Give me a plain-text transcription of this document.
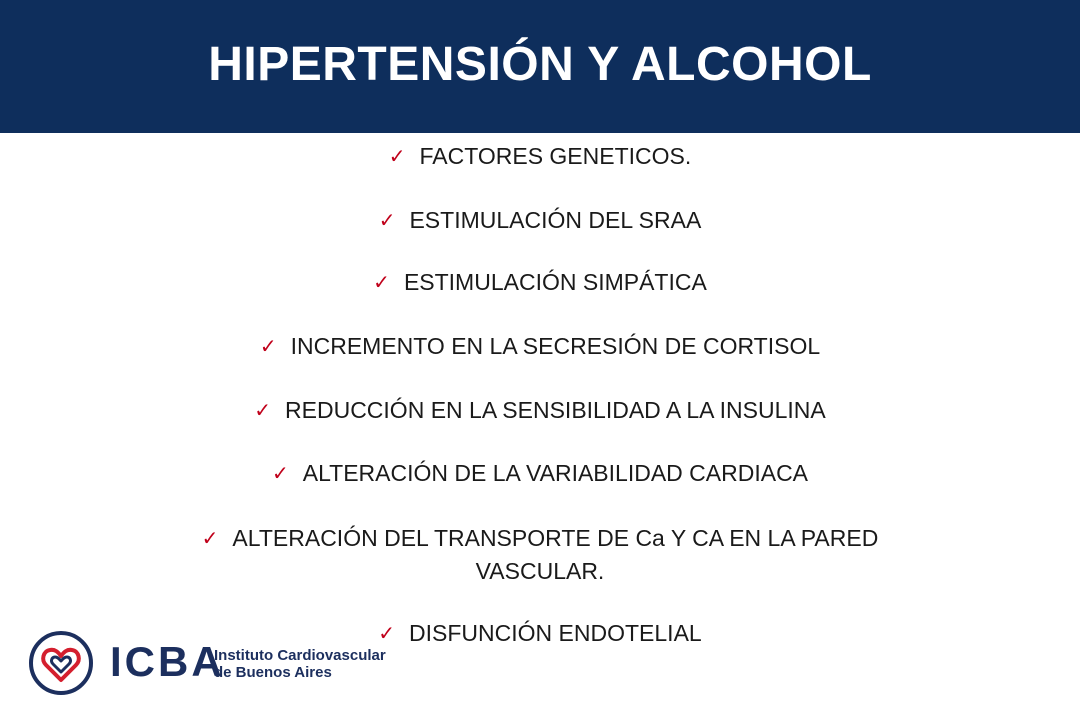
HIPERTENSIÓN Y ALCOHOL
✓ FACTORES GENETICOS.
✓ ESTIMULACIÓN DEL SRAA
✓ ESTIMULACIÓN SIMPÁTICA
✓ INCREMENTO EN LA SECRESIÓN DE CORTISOL
✓ REDUCCIÓN EN LA SENSIBILIDAD A LA INSULINA
✓ ALTERACIÓN DE LA VARIABILIDAD CARDIACA
✓ ALTERACIÓN DEL TRANSPORTE DE Ca Y CA EN LA PARED VASCULAR.
✓ DISFUNCIÓN ENDOTELIAL
ICBA
Instituto Cardiovascular
de Buenos Aires
